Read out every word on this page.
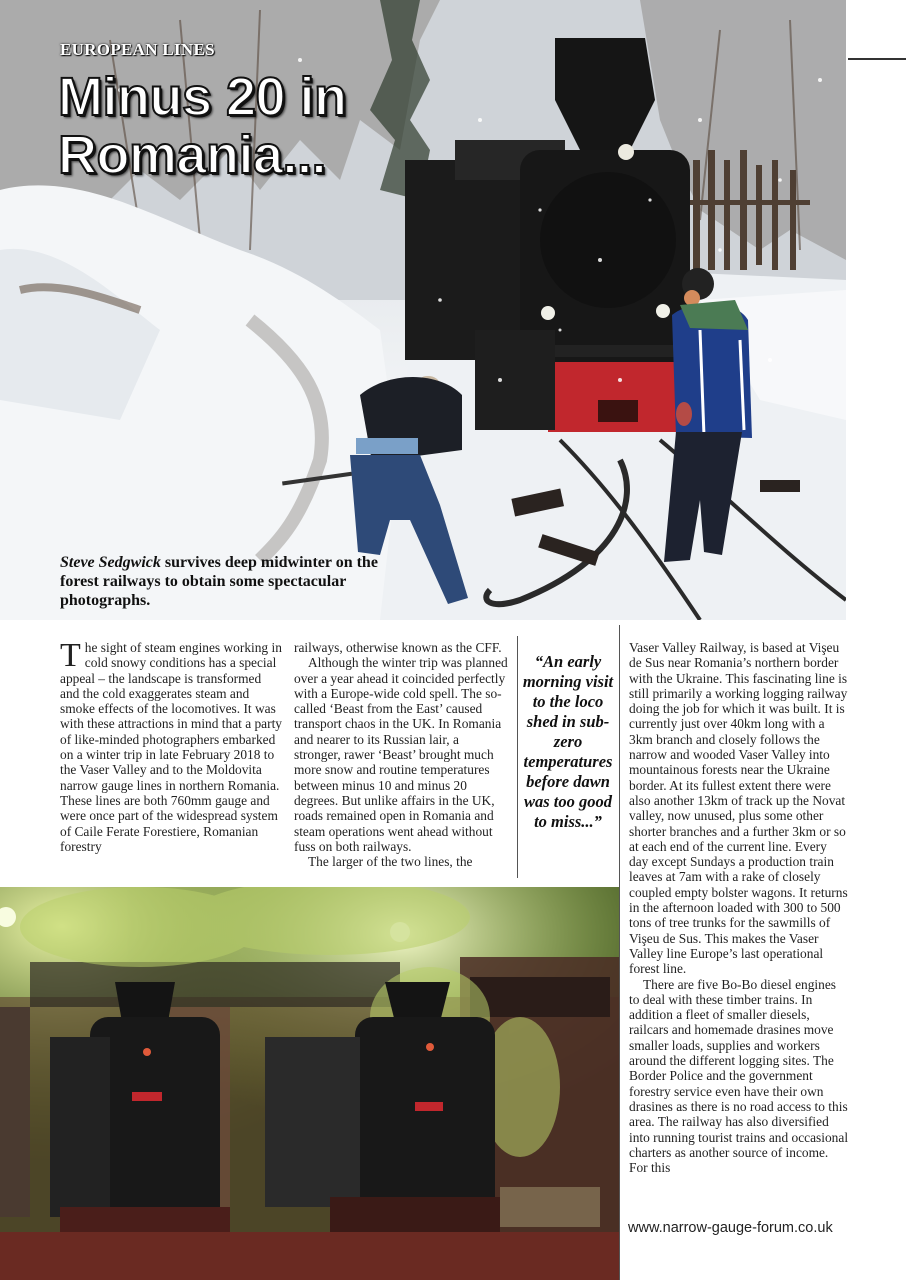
EUROPEAN LINES
Minus 20 in Romania...
Steve Sedgwick survives deep midwinter on the forest railways to obtain some spectacular photographs.

The sight of steam engines working in cold snowy conditions has a special appeal – the landscape is transformed and the cold exaggerates steam and smoke effects of the locomotives. It was with these attractions in mind that a party of like-minded photographers embarked on a winter trip in late February 2018 to the Vaser Valley and to the Moldovita narrow gauge lines in northern Romania. These lines are both 760mm gauge and were once part of the widespread system of Caile Ferate Forestiere, Romanian forestry

railways, otherwise known as the CFF.

Although the winter trip was planned over a year ahead it coincided perfectly with a Europe-wide cold spell. The so-called ‘Beast from the East’ caused transport chaos in the UK. In Romania and nearer to its Russian lair, a stronger, rawer ‘Beast’ brought much more snow and routine temperatures between minus 10 and minus 20 degrees. But unlike affairs in the UK, roads remained open in Romania and steam operations went ahead without fuss on both railways.

The larger of the two lines, the

“An early morning visit to the loco shed in sub-zero temperatures before dawn was too good to miss...”

Vaser Valley Railway, is based at Vişeu de Sus near Romania’s northern border with the Ukraine. This fascinating line is still primarily a working logging railway doing the job for which it was built. It is currently just over 40km long with a 3km branch and closely follows the narrow and wooded Vaser Valley into mountainous forests near the Ukraine border. At its fullest extent there were also another 13km of track up the Novat valley, now unused, plus some other shorter branches and a further 3km or so at each end of the current line. Every day except Sundays a production train leaves at 7am with a rake of closely coupled empty bolster wagons. It returns in the afternoon loaded with 300 to 500 tons of tree trunks for the sawmills of Vişeu de Sus. This makes the Vaser Valley line Europe’s last operational forest line.

There are five Bo-Bo diesel engines to deal with these timber trains. In addition a fleet of smaller diesels, railcars and homemade drasines move smaller loads, supplies and workers around the different logging sites. The Border Police and the government forestry service even have their own drasines as there is no road access to this area. The railway has also diversified into running tourist trains and occasional charters as another source of income. For this

www.narrow-gauge-forum.co.uk
